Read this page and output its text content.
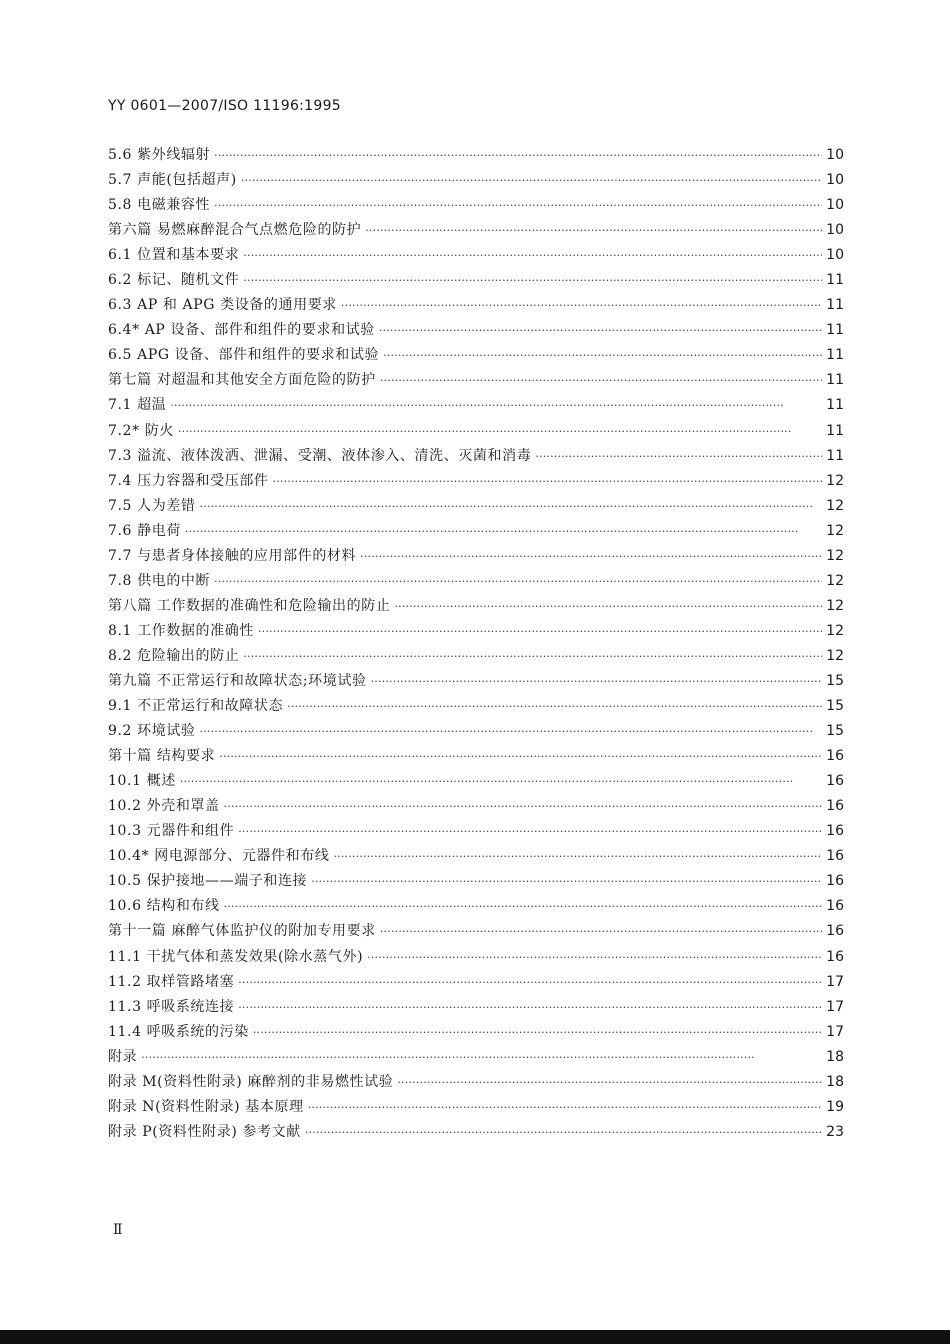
YY 0601—2007/ISO 11196:1995
5.6 紫外线辐射 ·····	10
5.7 声能(包括超声) ·····	10
5.8 电磁兼容性 ·····	10
第六篇 易燃麻醉混合气点燃危险的防护 ·····	10
6.1 位置和基本要求 ·····	10
6.2 标记、随机文件 ·····	11
6.3 AP 和 APG 类设备的通用要求 ·····	11
6.4* AP 设备、部件和组件的要求和试验 ·····	11
6.5 APG 设备、部件和组件的要求和试验 ·····	11
第七篇 对超温和其他安全方面危险的防护 ·····	11
7.1 超温 ·····	11
7.2* 防火 ·····	11
7.3 溢流、液体泼洒、泄漏、受潮、液体渗入、清洗、灭菌和消毒 ·····	11
7.4 压力容器和受压部件 ·····	12
7.5 人为差错 ·····	12
7.6 静电荷 ·····	12
7.7 与患者身体接触的应用部件的材料 ·····	12
7.8 供电的中断 ·····	12
第八篇 工作数据的准确性和危险输出的防止 ·····	12
8.1 工作数据的准确性 ·····	12
8.2 危险输出的防止 ·····	12
第九篇 不正常运行和故障状态;环境试验 ·····	15
9.1 不正常运行和故障状态 ·····	15
9.2 环境试验 ·····	15
第十篇 结构要求 ·····	16
10.1 概述 ·····	16
10.2 外壳和罩盖 ·····	16
10.3 元器件和组件 ·····	16
10.4* 网电源部分、元器件和布线 ·····	16
10.5 保护接地——端子和连接 ·····	16
10.6 结构和布线 ·····	16
第十一篇 麻醉气体监护仪的附加专用要求 ·····	16
11.1 干扰气体和蒸发效果(除水蒸气外) ·····	16
11.2 取样管路堵塞 ·····	17
11.3 呼吸系统连接 ·····	17
11.4 呼吸系统的污染 ·····	17
附录 ·····	18
附录 M(资料性附录) 麻醉剂的非易燃性试验 ·····	18
附录 N(资料性附录) 基本原理 ·····	19
附录 P(资料性附录) 参考文献 ·····	23
Ⅱ
